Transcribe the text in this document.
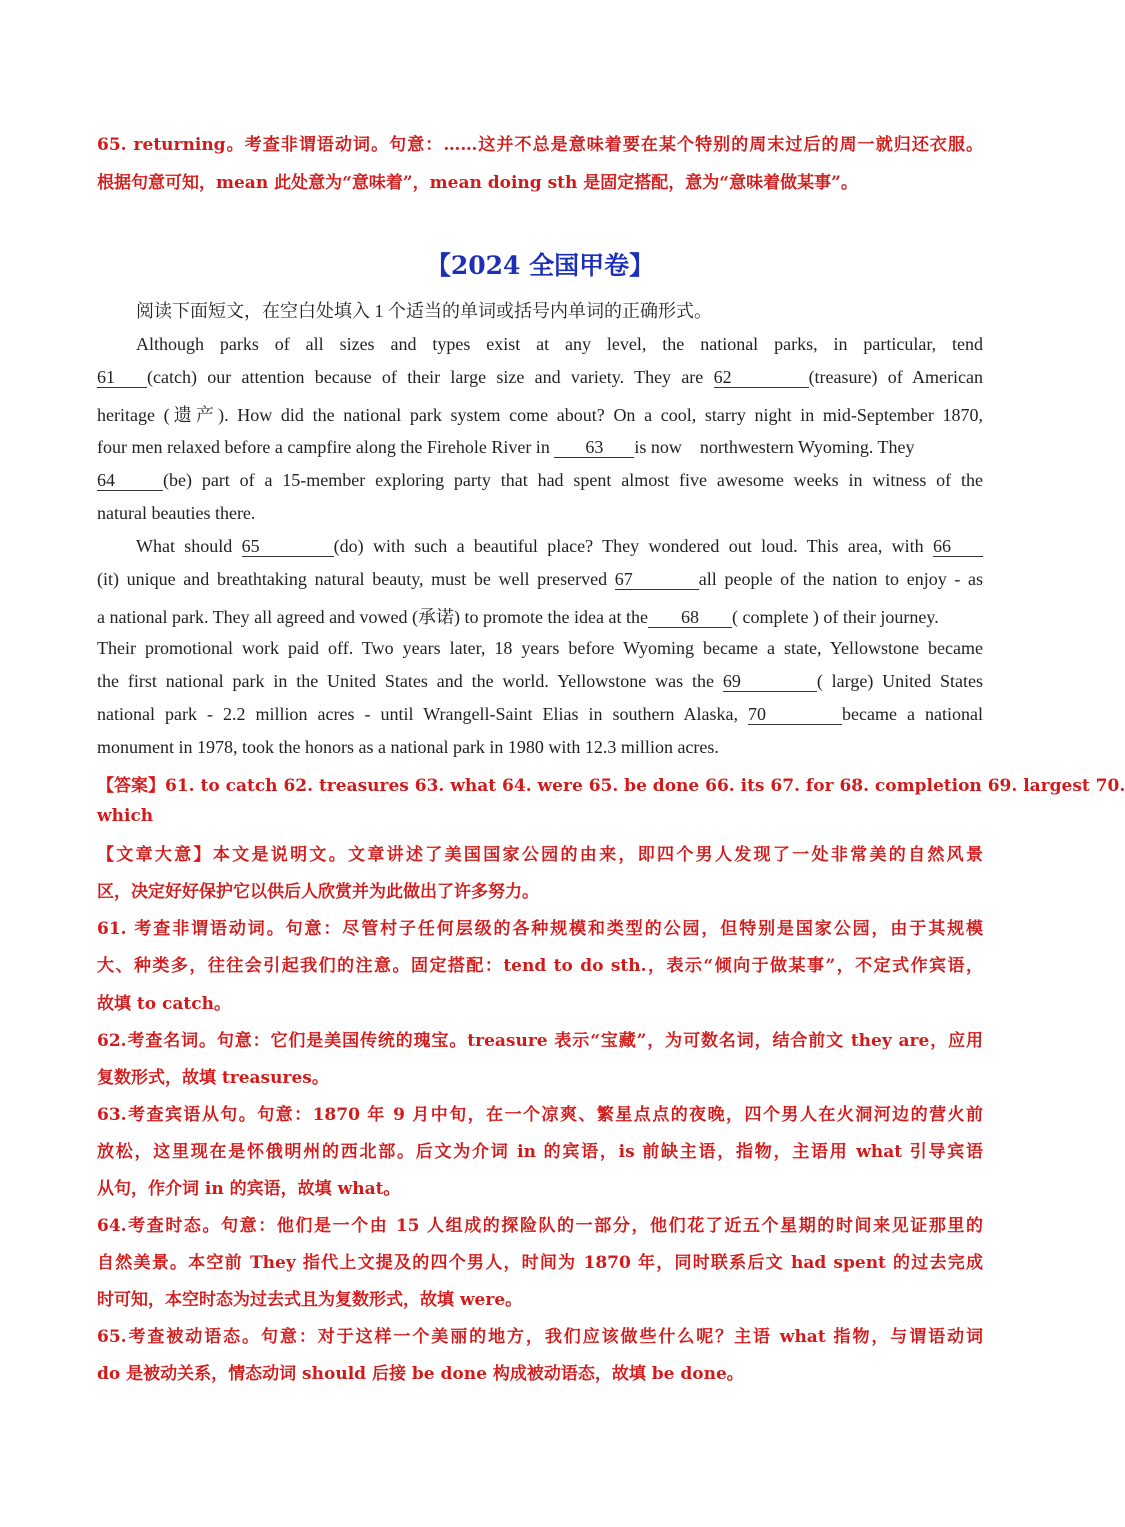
65. returning。考查非谓语动词。句意：……这并不总是意味着要在某个特别的周末过后的周一就归还衣服。
根据句意可知，mean 此处意为“意味着”，mean doing sth 是固定搭配，意为“意味着做某事”。
【2024 全国甲卷】
阅读下面短文，在空白处填入 1 个适当的单词或括号内单词的正确形式。
Although parks of all sizes and types exist at any level, the national parks, in particular, tend
61 (catch) our attention because of their large size and variety. They are 62	(treasure) of American
heritage (遗产). How did the national park system come about? On a cool, starry night in mid-September 1870,
four men relaxed before a campfire along the Firehole River in 63 is now    northwestern Wyoming. They
64	(be) part of a 15-member exploring party that had spent almost five awesome weeks in witness of the
natural beauties there.
What should 65	(do) with such a beautiful place? They wondered out loud. This area, with 66
(it) unique and breathtaking natural beauty, must be well preserved 67	all people of the nation to enjoy - as
a national park. They all agreed and vowed (承诺) to promote the idea at the 68 ( complete ) of their journey.
Their promotional work paid off. Two years later, 18 years before Wyoming became a state, Yellowstone became
the first national park in the United States and the world. Yellowstone was the 69	( large) United States
national park - 2.2 million acres - until Wrangell-Saint Elias in southern Alaska, 70	became a national
monument in 1978, took the honors as a national park in 1980 with 12.3 million acres.
【答案】61. to catch 62. treasures 63. what 64. were 65. be done 66. its 67. for 68. completion 69. largest 70.
which
【文章大意】本文是说明文。文章讲述了美国国家公园的由来，即四个男人发现了一处非常美的自然风景
区，决定好好保护它以供后人欣赏并为此做出了许多努力。
61. 考查非谓语动词。句意：尽管村子任何层级的各种规模和类型的公园，但特别是国家公园，由于其规模
大、种类多，往往会引起我们的注意。固定搭配：tend to do sth.，表示“倾向于做某事”，不定式作宾语，
故填 to catch。
62.考查名词。句意：它们是美国传统的瑰宝。treasure 表示“宝藏”，为可数名词，结合前文 they are，应用
复数形式，故填 treasures。
63.考查宾语从句。句意：1870 年 9 月中旬，在一个凉爽、繁星点点的夜晚，四个男人在火洞河边的营火前
放松，这里现在是怀俄明州的西北部。后文为介词 in 的宾语，is 前缺主语，指物，主语用 what 引导宾语
从句，作介词 in 的宾语，故填 what。
64.考查时态。句意：他们是一个由 15 人组成的探险队的一部分，他们花了近五个星期的时间来见证那里的
自然美景。本空前 They 指代上文提及的四个男人，时间为 1870 年，同时联系后文 had spent 的过去完成
时可知，本空时态为过去式且为复数形式，故填 were。
65.考查被动语态。句意：对于这样一个美丽的地方，我们应该做些什么呢？主语 what 指物，与谓语动词
do 是被动关系，情态动词 should 后接 be done 构成被动语态，故填 be done。
